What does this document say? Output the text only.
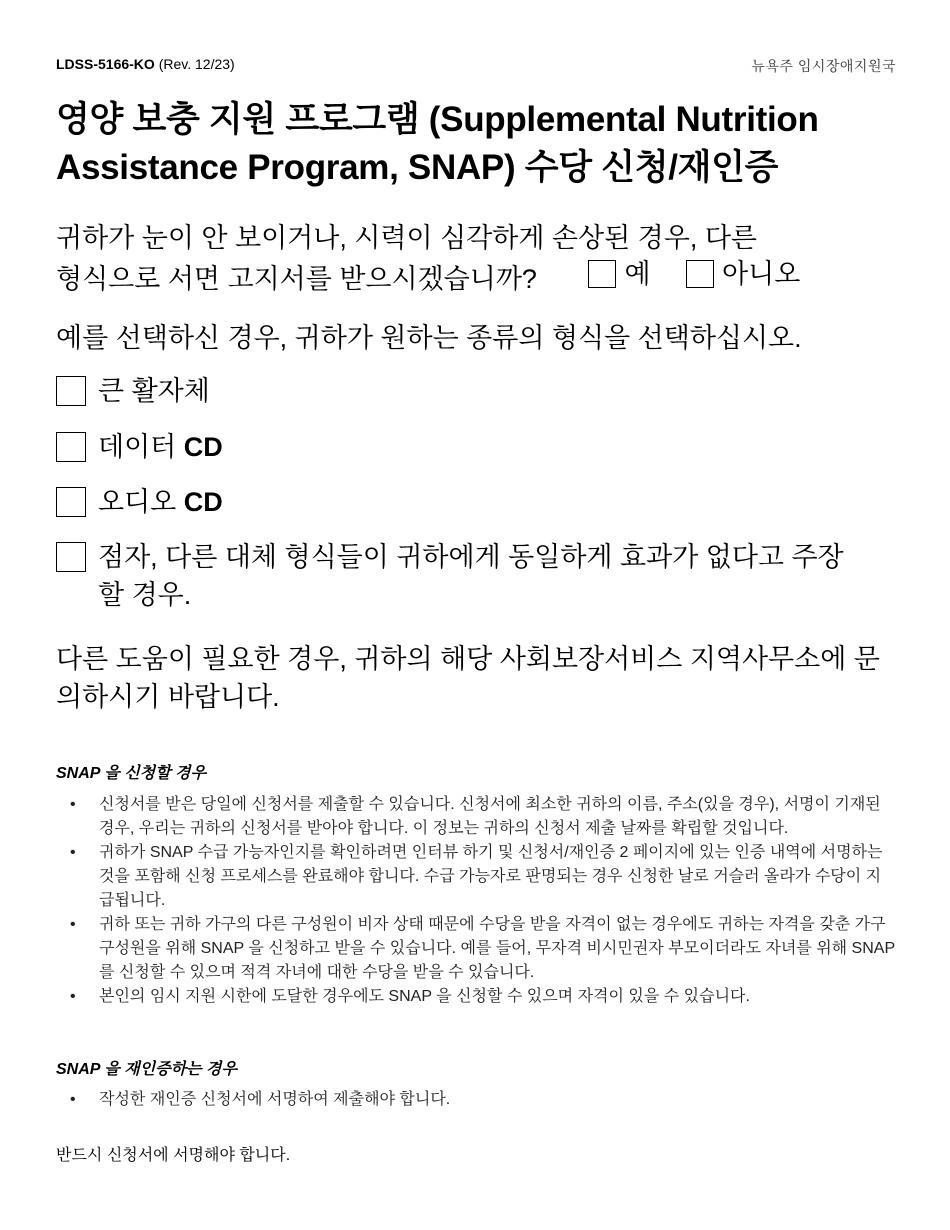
LDSS-5166-KO (Rev. 12/23)	뉴욕주 임시장애지원국
영양 보충 지원 프로그램 (Supplemental Nutrition Assistance Program, SNAP) 수당 신청/재인증
귀하가 눈이 안 보이거나, 시력이 심각하게 손상된 경우, 다른
형식으로 서면 고지서를 받으시겠습니까?	예
	아니오
예를 선택하신 경우, 귀하가 원하는 종류의 형식을 선택하십시오.
큰 활자체
데이터 CD
오디오 CD
점자, 다른 대체 형식들이 귀하에게 동일하게 효과가 없다고 주장할 경우.

다른 도움이 필요한 경우, 귀하의 해당 사회보장서비스 지역사무소에 문의하시기 바랍니다.

SNAP 을 신청할 경우

• 신청서를 받은 당일에 신청서를 제출할 수 있습니다. 신청서에 최소한 귀하의 이름, 주소(있을 경우), 서명이 기재된 경우, 우리는 귀하의 신청서를 받아야 합니다. 이 정보는 귀하의 신청서 제출 날짜를 확립할 것입니다.
• 귀하가 SNAP 수급 가능자인지를 확인하려면 인터뷰 하기 및 신청서/재인증 2 페이지에 있는 인증 내역에 서명하는 것을 포함해 신청 프로세스를 완료해야 합니다. 수급 가능자로 판명되는 경우 신청한 날로 거슬러 올라가 수당이 지급됩니다.
• 귀하 또는 귀하 가구의 다른 구성원이 비자 상태 때문에 수당을 받을 자격이 없는 경우에도 귀하는 자격을 갖춘 가구 구성원을 위해 SNAP 을 신청하고 받을 수 있습니다. 예를 들어, 무자격 비시민권자 부모이더라도 자녀를 위해 SNAP 를 신청할 수 있으며 적격 자녀에 대한 수당을 받을 수 있습니다.
• 본인의 임시 지원 시한에 도달한 경우에도 SNAP 을 신청할 수 있으며 자격이 있을 수 있습니다.

SNAP 을 재인증하는 경우

• 작성한 재인증 신청서에 서명하여 제출해야 합니다.

반드시 신청서에 서명해야 합니다.
